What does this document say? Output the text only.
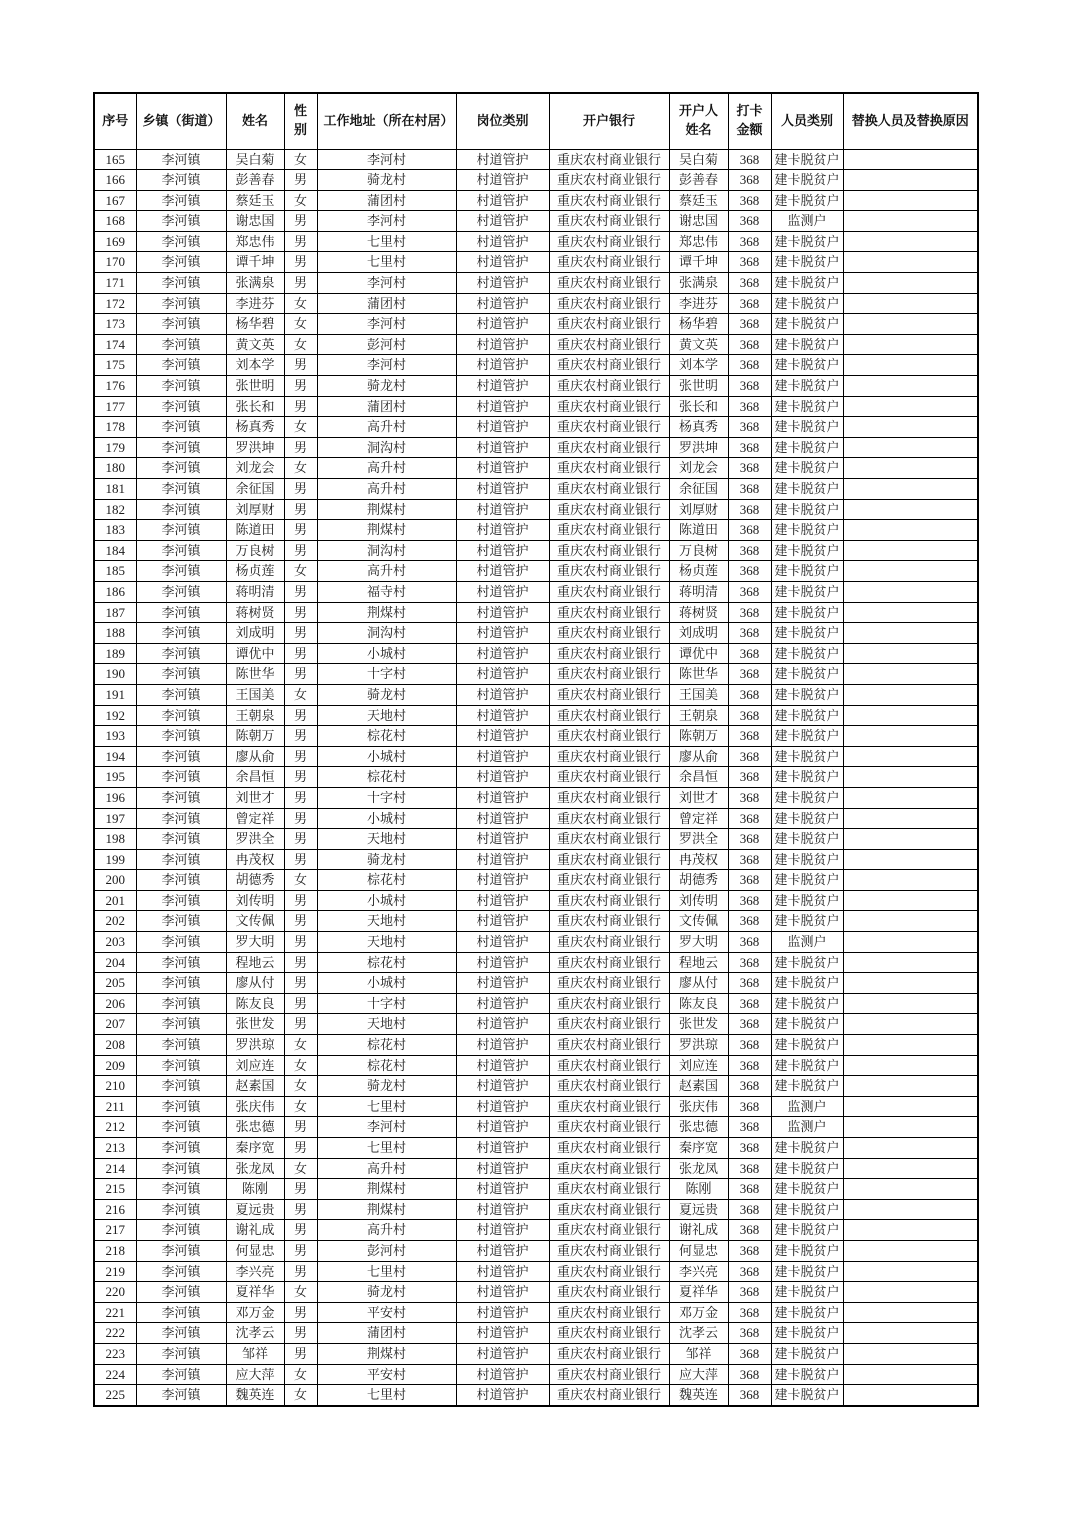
序号	乡镇（街道）	姓名	性别	工作地址（所在村居）	岗位类别	开户银行	开户人姓名	打卡金额	人员类别	替换人员及替换原因
165	李河镇	吴白菊	女	李河村	村道管护	重庆农村商业银行	吴白菊	368	建卡脱贫户	
166	李河镇	彭善春	男	骑龙村	村道管护	重庆农村商业银行	彭善春	368	建卡脱贫户	
167	李河镇	蔡廷玉	女	蒲团村	村道管护	重庆农村商业银行	蔡廷玉	368	建卡脱贫户	
168	李河镇	谢忠国	男	李河村	村道管护	重庆农村商业银行	谢忠国	368	监测户	
169	李河镇	郑忠伟	男	七里村	村道管护	重庆农村商业银行	郑忠伟	368	建卡脱贫户	
170	李河镇	谭千坤	男	七里村	村道管护	重庆农村商业银行	谭千坤	368	建卡脱贫户	
171	李河镇	张满泉	男	李河村	村道管护	重庆农村商业银行	张满泉	368	建卡脱贫户	
172	李河镇	李进芬	女	蒲团村	村道管护	重庆农村商业银行	李进芬	368	建卡脱贫户	
173	李河镇	杨华碧	女	李河村	村道管护	重庆农村商业银行	杨华碧	368	建卡脱贫户	
174	李河镇	黄文英	女	彭河村	村道管护	重庆农村商业银行	黄文英	368	建卡脱贫户	
175	李河镇	刘本学	男	李河村	村道管护	重庆农村商业银行	刘本学	368	建卡脱贫户	
176	李河镇	张世明	男	骑龙村	村道管护	重庆农村商业银行	张世明	368	建卡脱贫户	
177	李河镇	张长和	男	蒲团村	村道管护	重庆农村商业银行	张长和	368	建卡脱贫户	
178	李河镇	杨真秀	女	高升村	村道管护	重庆农村商业银行	杨真秀	368	建卡脱贫户	
179	李河镇	罗洪坤	男	洞沟村	村道管护	重庆农村商业银行	罗洪坤	368	建卡脱贫户	
180	李河镇	刘龙会	女	高升村	村道管护	重庆农村商业银行	刘龙会	368	建卡脱贫户	
181	李河镇	余征国	男	高升村	村道管护	重庆农村商业银行	余征国	368	建卡脱贫户	
182	李河镇	刘厚财	男	荆煤村	村道管护	重庆农村商业银行	刘厚财	368	建卡脱贫户	
183	李河镇	陈道田	男	荆煤村	村道管护	重庆农村商业银行	陈道田	368	建卡脱贫户	
184	李河镇	万良树	男	洞沟村	村道管护	重庆农村商业银行	万良树	368	建卡脱贫户	
185	李河镇	杨贞莲	女	高升村	村道管护	重庆农村商业银行	杨贞莲	368	建卡脱贫户	
186	李河镇	蒋明清	男	福寺村	村道管护	重庆农村商业银行	蒋明清	368	建卡脱贫户	
187	李河镇	蒋树贤	男	荆煤村	村道管护	重庆农村商业银行	蒋树贤	368	建卡脱贫户	
188	李河镇	刘成明	男	洞沟村	村道管护	重庆农村商业银行	刘成明	368	建卡脱贫户	
189	李河镇	谭优中	男	小城村	村道管护	重庆农村商业银行	谭优中	368	建卡脱贫户	
190	李河镇	陈世华	男	十字村	村道管护	重庆农村商业银行	陈世华	368	建卡脱贫户	
191	李河镇	王国美	女	骑龙村	村道管护	重庆农村商业银行	王国美	368	建卡脱贫户	
192	李河镇	王朝泉	男	天地村	村道管护	重庆农村商业银行	王朝泉	368	建卡脱贫户	
193	李河镇	陈朝万	男	棕花村	村道管护	重庆农村商业银行	陈朝万	368	建卡脱贫户	
194	李河镇	廖从俞	男	小城村	村道管护	重庆农村商业银行	廖从俞	368	建卡脱贫户	
195	李河镇	余昌恒	男	棕花村	村道管护	重庆农村商业银行	余昌恒	368	建卡脱贫户	
196	李河镇	刘世才	男	十字村	村道管护	重庆农村商业银行	刘世才	368	建卡脱贫户	
197	李河镇	曾定祥	男	小城村	村道管护	重庆农村商业银行	曾定祥	368	建卡脱贫户	
198	李河镇	罗洪全	男	天地村	村道管护	重庆农村商业银行	罗洪全	368	建卡脱贫户	
199	李河镇	冉茂权	男	骑龙村	村道管护	重庆农村商业银行	冉茂权	368	建卡脱贫户	
200	李河镇	胡德秀	女	棕花村	村道管护	重庆农村商业银行	胡德秀	368	建卡脱贫户	
201	李河镇	刘传明	男	小城村	村道管护	重庆农村商业银行	刘传明	368	建卡脱贫户	
202	李河镇	文传佩	男	天地村	村道管护	重庆农村商业银行	文传佩	368	建卡脱贫户	
203	李河镇	罗大明	男	天地村	村道管护	重庆农村商业银行	罗大明	368	监测户	
204	李河镇	程地云	男	棕花村	村道管护	重庆农村商业银行	程地云	368	建卡脱贫户	
205	李河镇	廖从付	男	小城村	村道管护	重庆农村商业银行	廖从付	368	建卡脱贫户	
206	李河镇	陈友良	男	十字村	村道管护	重庆农村商业银行	陈友良	368	建卡脱贫户	
207	李河镇	张世发	男	天地村	村道管护	重庆农村商业银行	张世发	368	建卡脱贫户	
208	李河镇	罗洪琼	女	棕花村	村道管护	重庆农村商业银行	罗洪琼	368	建卡脱贫户	
209	李河镇	刘应连	女	棕花村	村道管护	重庆农村商业银行	刘应连	368	建卡脱贫户	
210	李河镇	赵素国	女	骑龙村	村道管护	重庆农村商业银行	赵素国	368	建卡脱贫户	
211	李河镇	张庆伟	女	七里村	村道管护	重庆农村商业银行	张庆伟	368	监测户	
212	李河镇	张忠德	男	李河村	村道管护	重庆农村商业银行	张忠德	368	监测户	
213	李河镇	秦序宽	男	七里村	村道管护	重庆农村商业银行	秦序宽	368	建卡脱贫户	
214	李河镇	张龙凤	女	高升村	村道管护	重庆农村商业银行	张龙凤	368	建卡脱贫户	
215	李河镇	陈刚	男	荆煤村	村道管护	重庆农村商业银行	陈刚	368	建卡脱贫户	
216	李河镇	夏远贵	男	荆煤村	村道管护	重庆农村商业银行	夏远贵	368	建卡脱贫户	
217	李河镇	谢礼成	男	高升村	村道管护	重庆农村商业银行	谢礼成	368	建卡脱贫户	
218	李河镇	何显忠	男	彭河村	村道管护	重庆农村商业银行	何显忠	368	建卡脱贫户	
219	李河镇	李兴亮	男	七里村	村道管护	重庆农村商业银行	李兴亮	368	建卡脱贫户	
220	李河镇	夏祥华	女	骑龙村	村道管护	重庆农村商业银行	夏祥华	368	建卡脱贫户	
221	李河镇	邓万金	男	平安村	村道管护	重庆农村商业银行	邓万金	368	建卡脱贫户	
222	李河镇	沈孝云	男	蒲团村	村道管护	重庆农村商业银行	沈孝云	368	建卡脱贫户	
223	李河镇	邹祥	男	荆煤村	村道管护	重庆农村商业银行	邹祥	368	建卡脱贫户	
224	李河镇	应大萍	女	平安村	村道管护	重庆农村商业银行	应大萍	368	建卡脱贫户	
225	李河镇	魏英连	女	七里村	村道管护	重庆农村商业银行	魏英连	368	建卡脱贫户	
